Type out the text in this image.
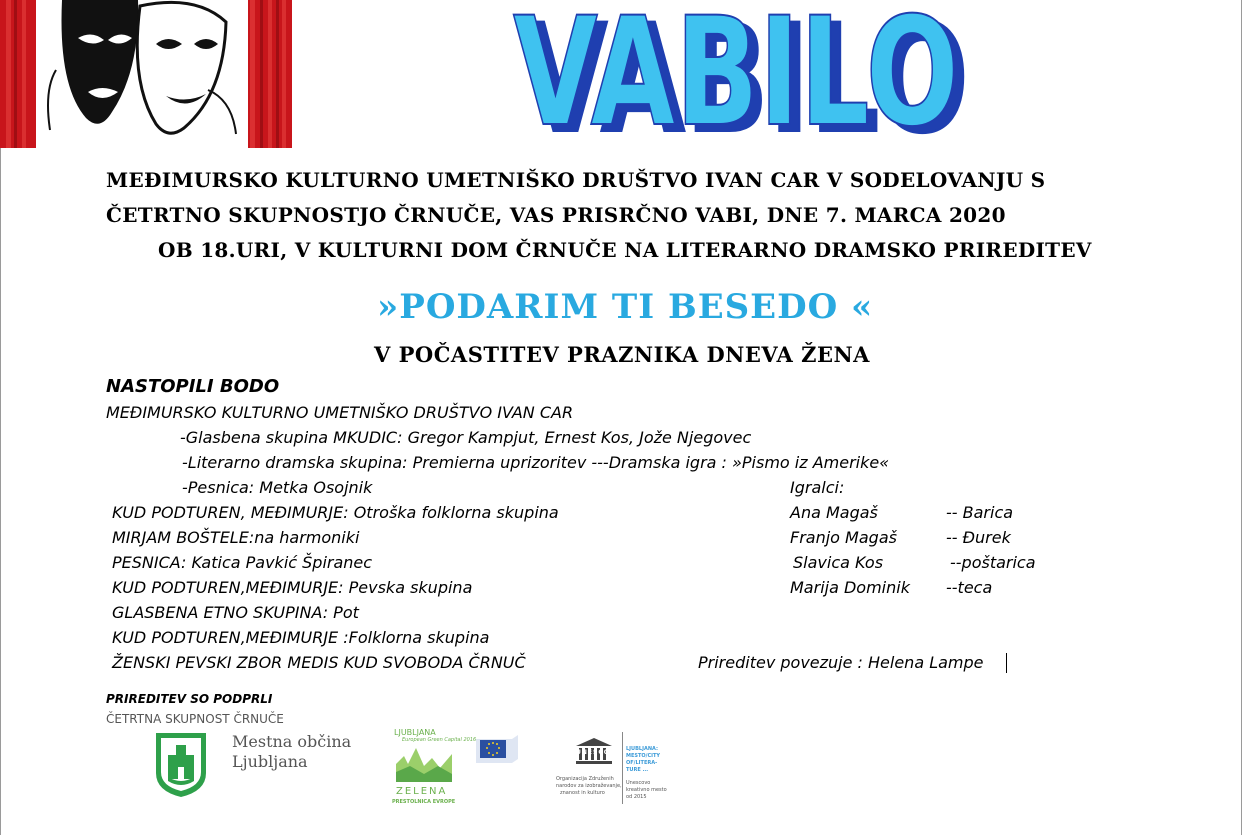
VABILO
VABILO
MEĐIMURSKO KULTURNO UMETNIŠKO DRUŠTVO IVAN CAR V SODELOVANJU S
ČETRTNO SKUPNOSTJO ČRNUČE, VAS PRISRČNO VABI, DNE 7. MARCA 2020
OB 18.URI, V KULTURNI DOM ČRNUČE NA LITERARNO DRAMSKO PRIREDITEV
»PODARIM TI BESEDO «
V POČASTITEV PRAZNIKA DNEVA ŽENA
NASTOPILI BODO
MEĐIMURSKO KULTURNO UMETNIŠKO DRUŠTVO IVAN CAR
-Glasbena skupina MKUDIC: Gregor Kampjut, Ernest Kos, Jože Njegovec
-Literarno dramska skupina: Premierna uprizoritev ---Dramska igra : »Pismo iz Amerike«
-Pesnica: Metka Osojnik
KUD PODTUREN, MEĐIMURJE: Otroška folklorna skupina
MIRJAM BOŠTELE:na harmoniki
PESNICA: Katica Pavkić Špiranec
KUD PODTUREN,MEĐIMURJE: Pevska skupina
GLASBENA ETNO SKUPINA: Pot
KUD PODTUREN,MEĐIMURJE :Folklorna skupina
ŽENSKI PEVSKI ZBOR MEDIS KUD SVOBODA ČRNUČ
Igralci:
Ana Magaš	-- Barica
Franjo Magaš	-- Đurek
Slavica Kos	--poštarica
Marija Dominik --teca
Prireditev povezuje : Helena Lampe
PRIREDITEV SO PODPRLI
ČETRTNA SKUPNOST ČRNUČE
Mestna občina
Ljubljana
LJUBLJANA
European Green Capital 2016
ZELENA
PRESTOLNICA EVROPE
UNESCO
Organizacija Združenih
narodov za izobraževanje,
znanost in kulturo
LJUBLJANA:
MESTO/CITY
OF/LITERA-
TURE ...
Unescovo
kreativno mesto
od 2015
